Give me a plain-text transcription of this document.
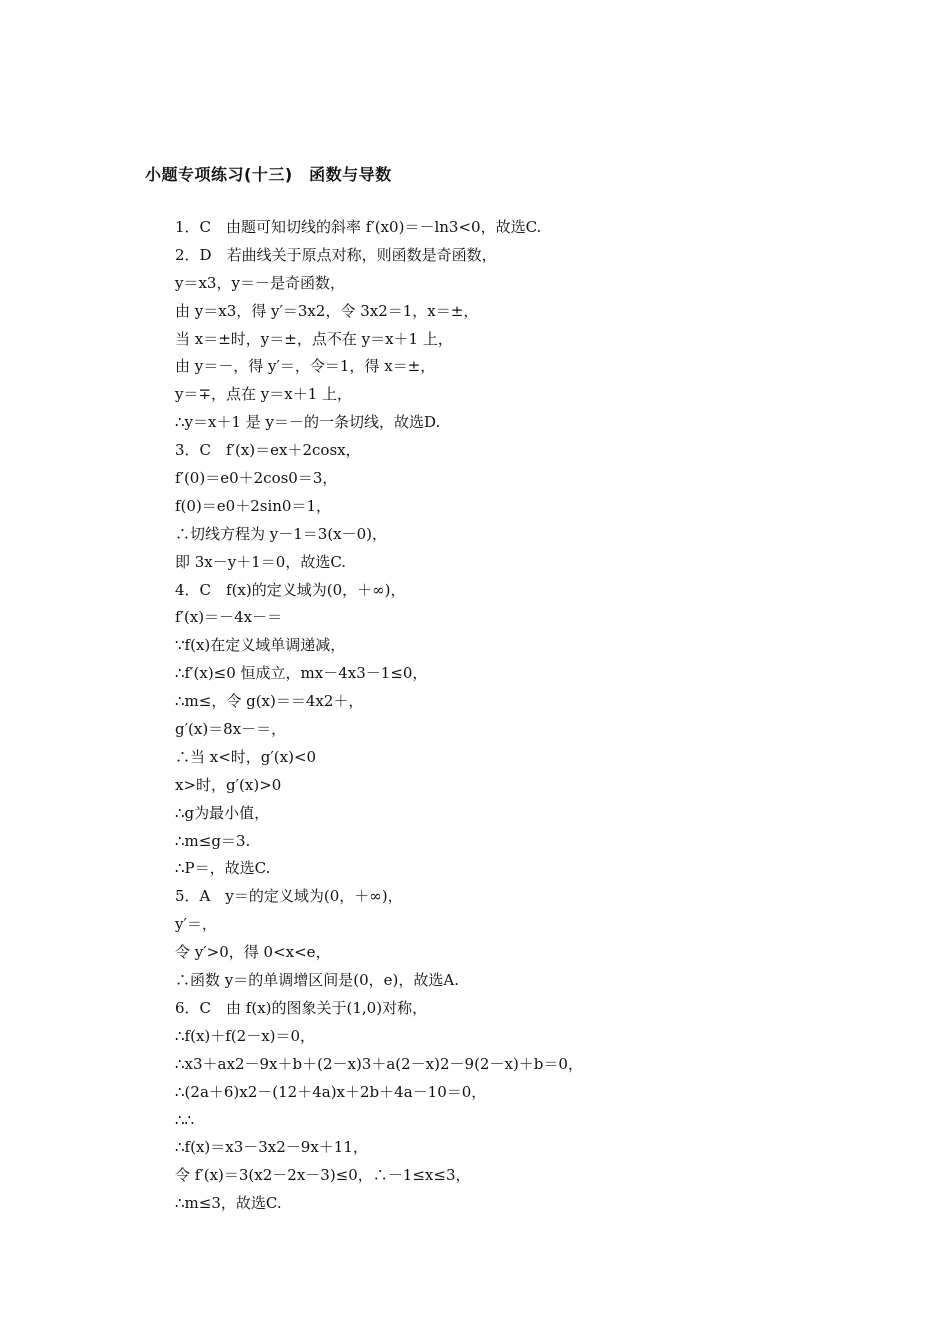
小题专项练习(十三)　函数与导数
1．C　由题可知切线的斜率 f′(x0)＝－ln3<0，故选C.
2．D　若曲线关于原点对称，则函数是奇函数，
y＝x3，y＝－是奇函数，
由 y＝x3，得 y′＝3x2，令 3x2＝1，x＝±，
当 x＝±时，y＝±，点不在 y＝x＋1 上，
由 y＝－，得 y′＝，令＝1，得 x＝±，
y＝∓，点在 y＝x＋1 上，
∴y＝x＋1 是 y＝－的一条切线，故选D.
3．C　f′(x)＝ex＋2cosx，
f′(0)＝e0＋2cos0＝3，
f(0)＝e0＋2sin0＝1，
∴切线方程为 y－1＝3(x－0)，
即 3x－y＋1＝0，故选C.
4．C　f(x)的定义域为(0，＋∞)，
f′(x)＝－4x－＝
∵f(x)在定义域单调递减，
∴f′(x)≤0 恒成立，mx－4x3－1≤0，
∴m≤，令 g(x)＝＝4x2＋，
g′(x)＝8x－＝，
∴当 x<时，g′(x)<0
x>时，g′(x)>0
∴g为最小值，
∴m≤g＝3.
∴P＝，故选C.
5．A　y＝的定义域为(0，＋∞)，
y′＝，
令 y′>0，得 0<x<e，
∴函数 y＝的单调增区间是(0，e)，故选A.
6．C　由 f(x)的图象关于(1,0)对称，
∴f(x)＋f(2－x)＝0，
∴x3＋ax2－9x＋b＋(2－x)3＋a(2－x)2－9(2－x)＋b＝0，
∴(2a＋6)x2－(12＋4a)x＋2b＋4a－10＝0，
∴∴
∴f(x)＝x3－3x2－9x＋11，
令 f′(x)＝3(x2－2x－3)≤0，∴－1≤x≤3，
∴m≤3，故选C.
